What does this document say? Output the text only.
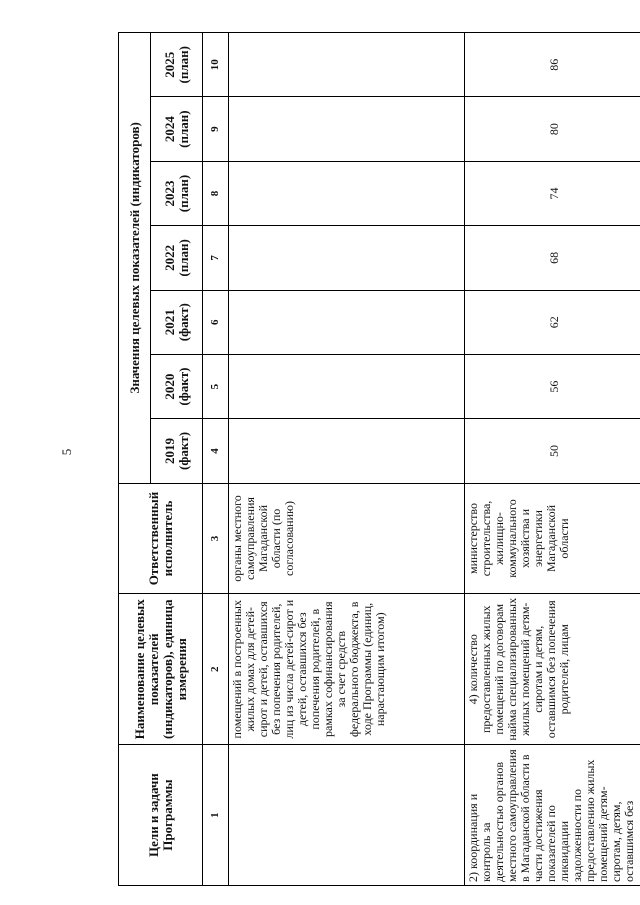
5
Цели и задачи Программы	Наименование целевых показателей (индикаторов), единица измерения	Ответственный исполнитель	Значения целевых показателей (индикаторов)						
			2019 (факт)	2020 (факт)	2021 (факт)	2022 (план)	2023 (план)	2024 (план)	2025 (план)
1	2	3	4	5	6	7	8	9	10
	помещений в построенных жилых домах для детей-сирот и детей, оставшихся без попечения родителей, лиц из числа детей-сирот и детей, оставшихся без попечения родителей, в рамках софинансирования за счет средств федерального бюджекта, в ходе Программы (единиц, нарастающим итогом)	органы местного самоуправления Магаданской области (по согласованию)							
2) координация и контроль за деятельностью органов местного самоуправления в Магаданской области в части достижения показателей по ликвидации задолженности по предоставлению жилых помещений детям-сиротам, детям, оставшимся без	4) количество предоставленных жилых помещений по договорам найма специализированных жилых помещений детям-сиротам и детям, оставшимся без попечения родителей, лицам	министерство строительства, жилищно-коммунального хозяйства и энергетики Магаданской области	50	56	62	68	74	80	86
